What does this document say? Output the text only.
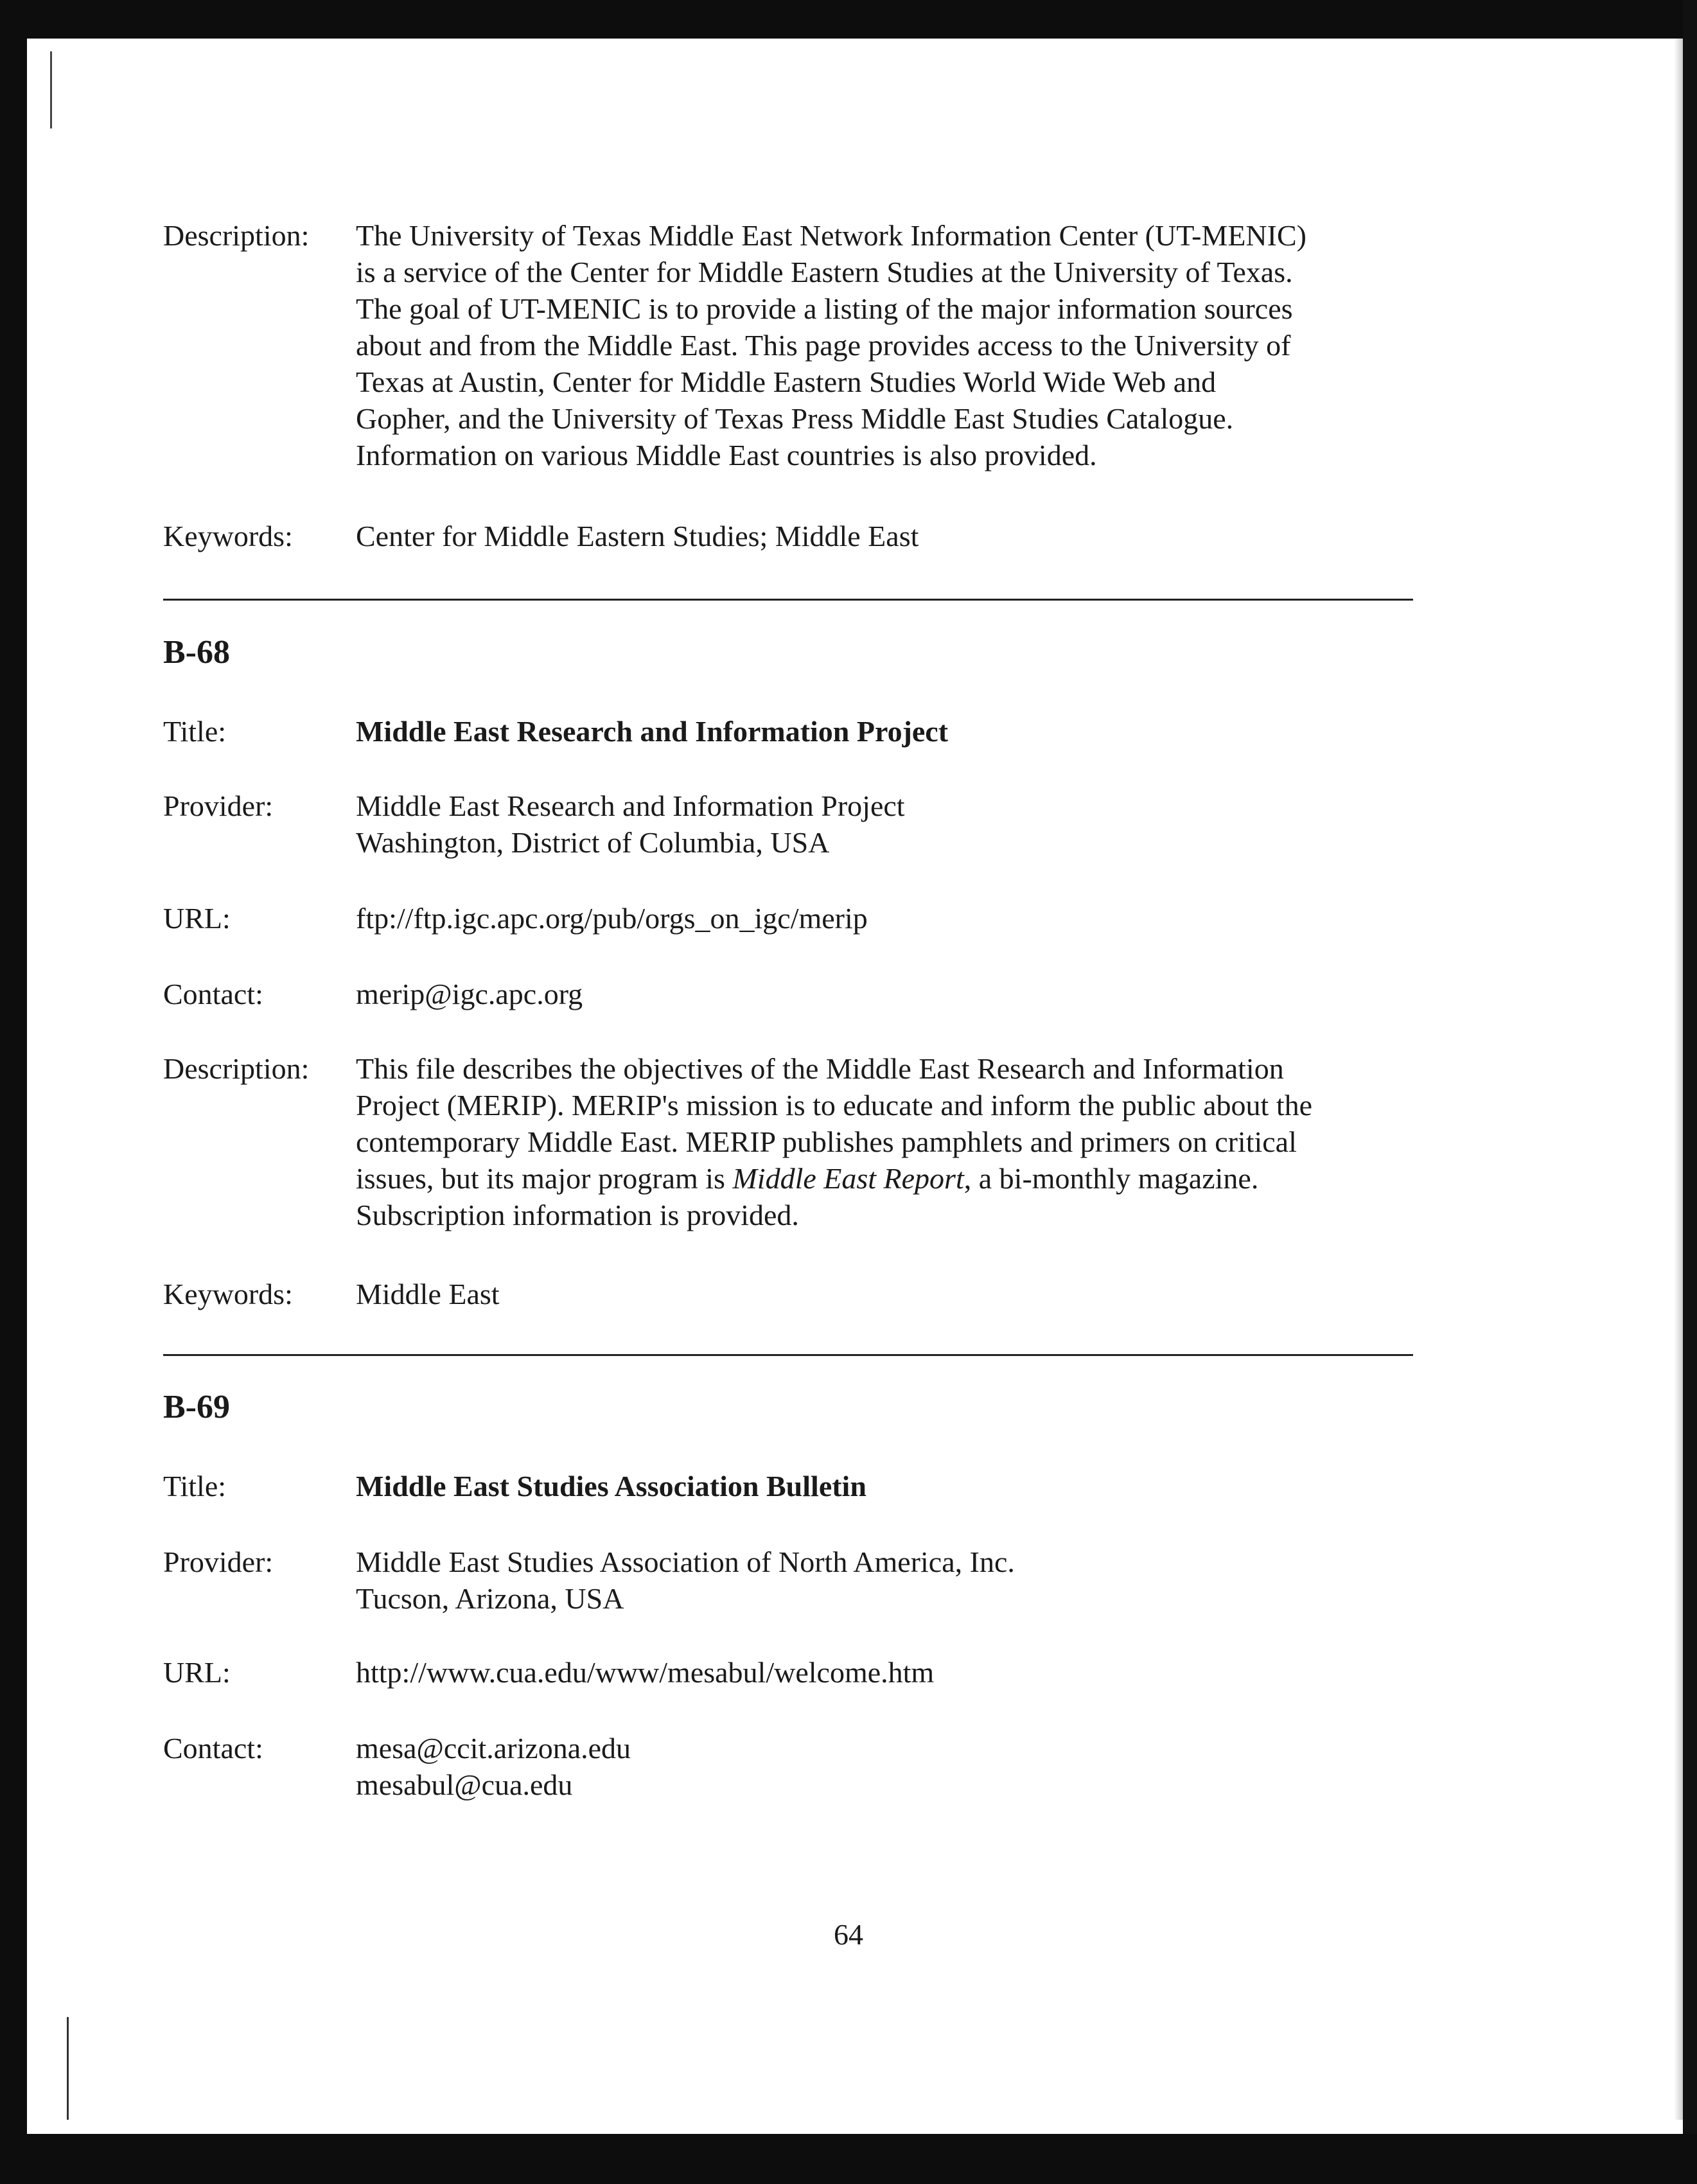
Description:	The University of Texas Middle East Network Information Center (UT-MENIC)
is a service of the Center for Middle Eastern Studies at the University of Texas.
The goal of UT-MENIC is to provide a listing of the major information sources
about and from the Middle East. This page provides access to the University of
Texas at Austin, Center for Middle Eastern Studies World Wide Web and
Gopher, and the University of Texas Press Middle East Studies Catalogue.
Information on various Middle East countries is also provided.
Keywords:	Center for Middle Eastern Studies; Middle East
B-68
Title:	Middle East Research and Information Project
Provider:	Middle East Research and Information Project
Washington, District of Columbia, USA
URL:	ftp://ftp.igc.apc.org/pub/orgs_on_igc/merip
Contact:	merip@igc.apc.org
Description:	This file describes the objectives of the Middle East Research and Information
Project (MERIP). MERIP's mission is to educate and inform the public about the
contemporary Middle East. MERIP publishes pamphlets and primers on critical
issues, but its major program is Middle East Report, a bi-monthly magazine.
Subscription information is provided.
Keywords:	Middle East
B-69
Title:	Middle East Studies Association Bulletin
Provider:	Middle East Studies Association of North America, Inc.
Tucson, Arizona, USA
URL:	http://www.cua.edu/www/mesabul/welcome.htm
Contact:	mesa@ccit.arizona.edu
mesabul@cua.edu
64
